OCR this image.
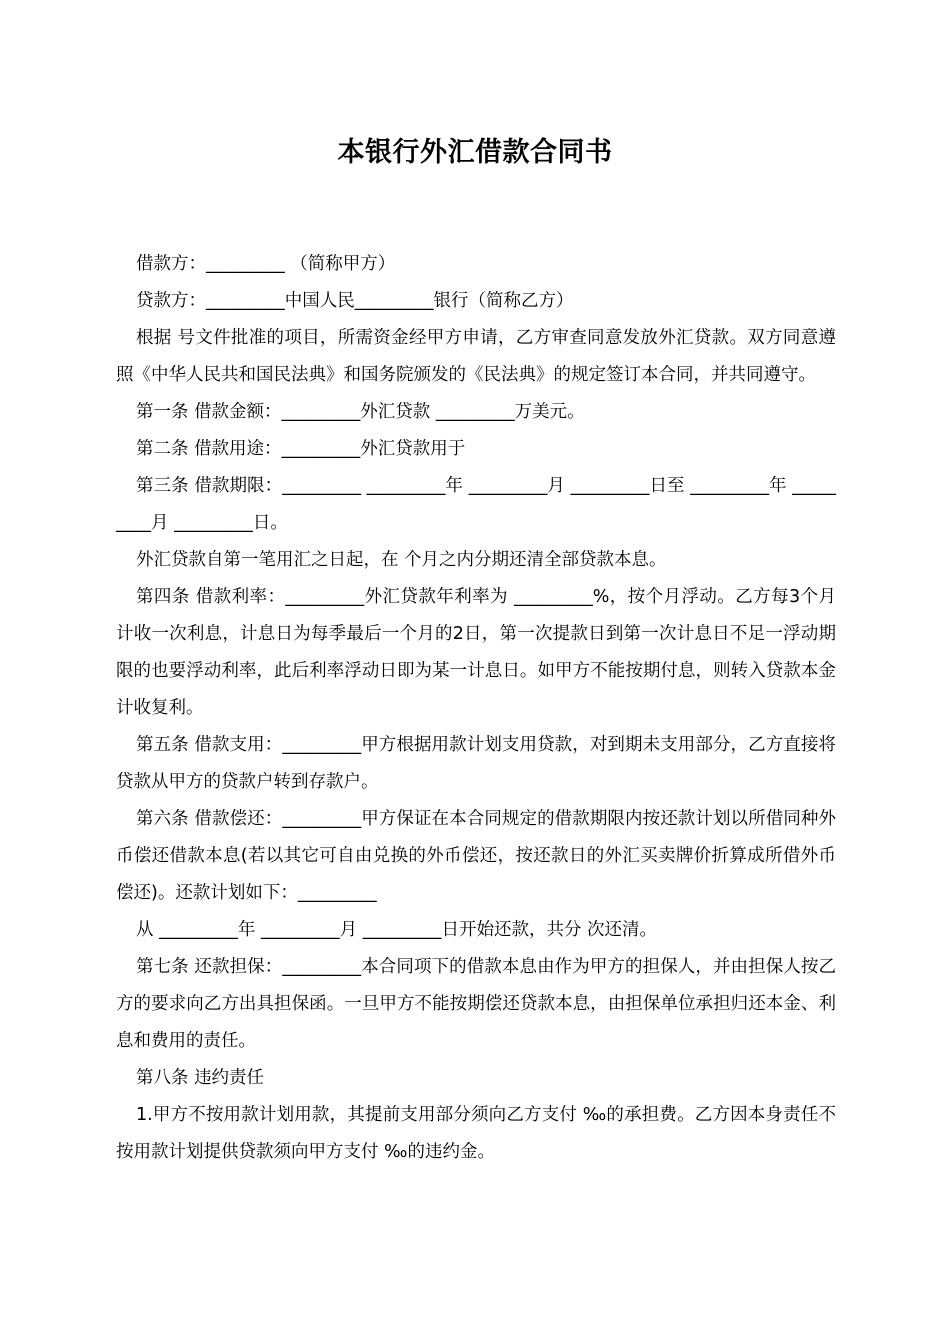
本银行外汇借款合同书

借款方：_________ （简称甲方）

贷款方：_________中国人民_________银行（简称乙方）

根据 号文件批准的项目，所需资金经甲方申请，乙方审查同意发放外汇贷款。双方同意遵照《中华人民共和国民法典》和国务院颁发的《民法典》的规定签订本合同，并共同遵守。

第一条 借款金额：_________外汇贷款 _________万美元。

第二条 借款用途：_________外汇贷款用于

第三条 借款期限：_________ _________年 _________月 _________日至 _________年 _________月 _________日。

外汇贷款自第一笔用汇之日起，在 个月之内分期还清全部贷款本息。

第四条 借款利率：_________外汇贷款年利率为 _________%，按个月浮动。乙方每3个月计收一次利息，计息日为每季最后一个月的2日，第一次提款日到第一次计息日不足一浮动期限的也要浮动利率，此后利率浮动日即为某一计息日。如甲方不能按期付息，则转入贷款本金计收复利。

第五条 借款支用：_________甲方根据用款计划支用贷款，对到期未支用部分，乙方直接将贷款从甲方的贷款户转到存款户。

第六条 借款偿还：_________甲方保证在本合同规定的借款期限内按还款计划以所借同种外币偿还借款本息(若以其它可自由兑换的外币偿还，按还款日的外汇买卖牌价折算成所借外币偿还)。还款计划如下：_________

从 _________年 _________月 _________日开始还款，共分 次还清。

第七条 还款担保：_________本合同项下的借款本息由作为甲方的担保人，并由担保人按乙方的要求向乙方出具担保函。一旦甲方不能按期偿还贷款本息，由担保单位承担归还本金、利息和费用的责任。

第八条 违约责任

1.甲方不按用款计划用款，其提前支用部分须向乙方支付 ‰的承担费。乙方因本身责任不按用款计划提供贷款须向甲方支付 ‰的违约金。
